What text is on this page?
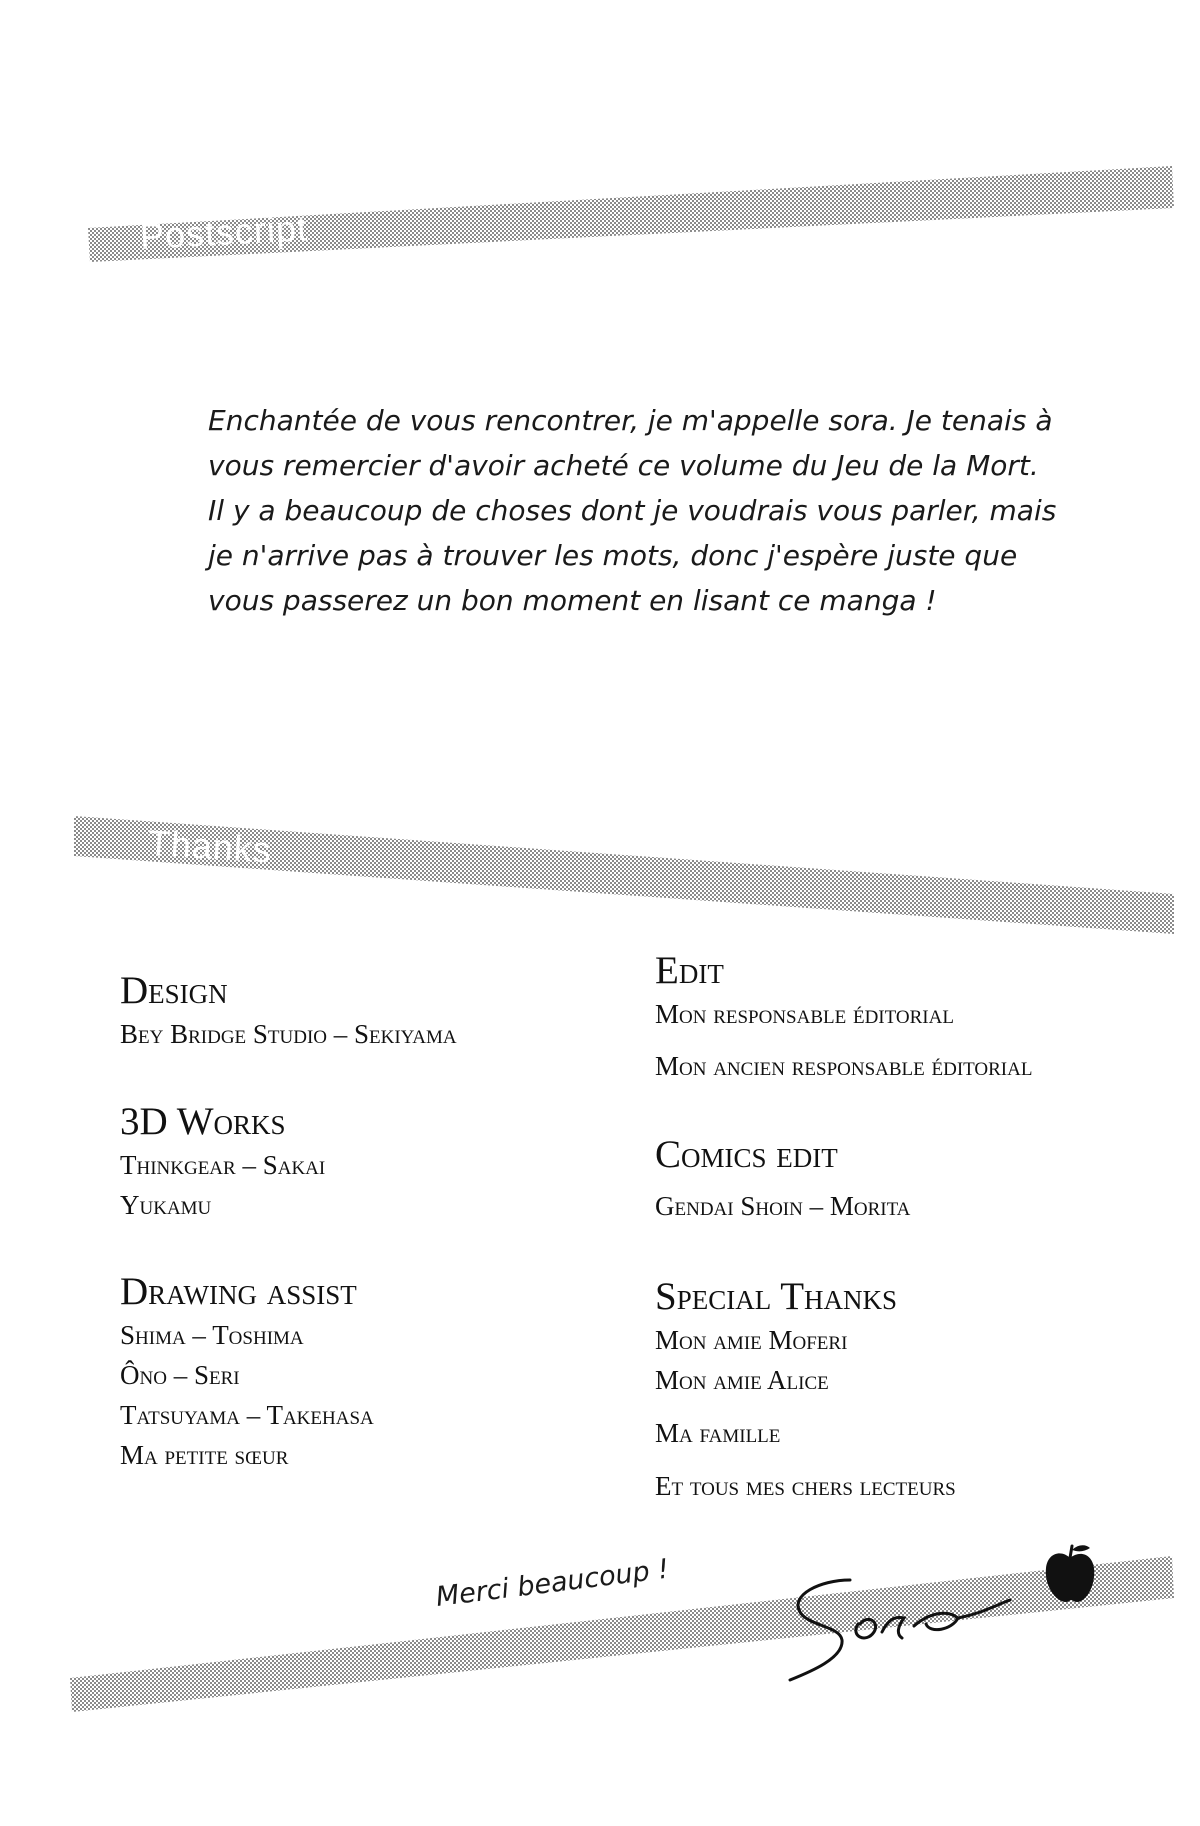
Postscript
Enchantée de vous rencontrer, je m'appelle sora. Je tenais à
vous remercier d'avoir acheté ce volume du Jeu de la Mort.
Il y a beaucoup de choses dont je voudrais vous parler, mais
je n'arrive pas à trouver les mots, donc j'espère juste que
vous passerez un bon moment en lisant ce manga !
Thanks
Design

Bey Bridge Studio – Sekiyama

3D Works

Thinkgear – Sakai

Yukamu

Drawing assist

Shima – Toshima

Ôno – Seri

Tatsuyama – Takehasa

Ma petite sœur

Edit

Mon responsable éditorial

Mon ancien responsable éditorial

Comics edit

Gendai Shoin – Morita

Special Thanks

Mon amie Moferi

Mon amie Alice

Ma famille

Et tous mes chers lecteurs

Merci beaucoup !
